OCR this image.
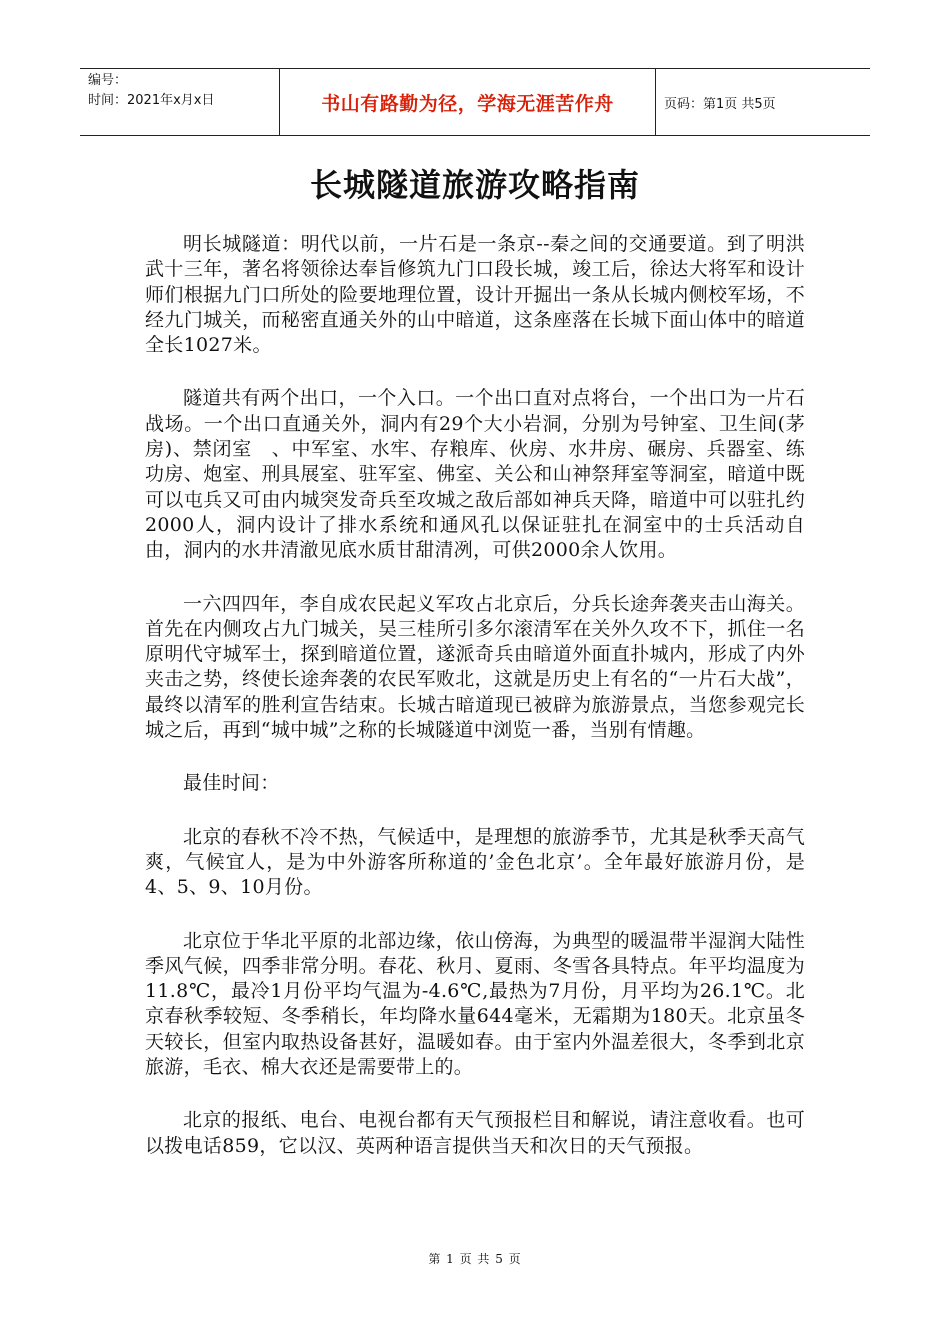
编号：
时间：2021年x月x日	书山有路勤为径，学海无涯苦作舟	页码：第1页 共5页
长城隧道旅游攻略指南

明长城隧道：明代以前，一片石是一条京--秦之间的交通要道。到了明洪武十三年，著名将领徐达奉旨修筑九门口段长城，竣工后，徐达大将军和设计师们根据九门口所处的险要地理位置，设计开掘出一条从长城内侧校军场，不经九门城关，而秘密直通关外的山中暗道，这条座落在长城下面山体中的暗道全长1027米。

隧道共有两个出口，一个入口。一个出口直对点将台，一个出口为一片石战场。一个出口直通关外，洞内有29个大小岩洞，分别为号钟室、卫生间(茅房)、禁闭室　、中军室、水牢、存粮库、伙房、水井房、碾房、兵器室、练功房、炮室、刑具展室、驻军室、佛室、关公和山神祭拜室等洞室，暗道中既可以屯兵又可由内城突发奇兵至攻城之敌后部如神兵天降，暗道中可以驻扎约2000人，洞内设计了排水系统和通风孔以保证驻扎在洞室中的士兵活动自由，洞内的水井清澈见底水质甘甜清冽，可供2000余人饮用。

一六四四年，李自成农民起义军攻占北京后，分兵长途奔袭夹击山海关。首先在内侧攻占九门城关，吴三桂所引多尔滚清军在关外久攻不下，抓住一名原明代守城军士，探到暗道位置，遂派奇兵由暗道外面直扑城内，形成了内外夹击之势，终使长途奔袭的农民军败北，这就是历史上有名的“一片石大战”，最终以清军的胜利宣告结束。长城古暗道现已被辟为旅游景点，当您参观完长城之后，再到“城中城”之称的长城隧道中浏览一番，当别有情趣。

最佳时间：

北京的春秋不冷不热，气候适中，是理想的旅游季节，尤其是秋季天高气爽，气候宜人，是为中外游客所称道的’金色北京’。全年最好旅游月份，是4、5、9、10月份。

北京位于华北平原的北部边缘，依山傍海，为典型的暖温带半湿润大陆性季风气候，四季非常分明。春花、秋月、夏雨、冬雪各具特点。年平均温度为11.8℃，最冷1月份平均气温为-4.6℃,最热为7月份，月平均为26.1℃。北京春秋季较短、冬季稍长，年均降水量644毫米，无霜期为180天。北京虽冬天较长，但室内取热设备甚好，温暖如春。由于室内外温差很大，冬季到北京旅游，毛衣、棉大衣还是需要带上的。

北京的报纸、电台、电视台都有天气预报栏目和解说，请注意收看。也可以拨电话859，它以汉、英两种语言提供当天和次日的天气预报。

第 1 页 共 5 页
